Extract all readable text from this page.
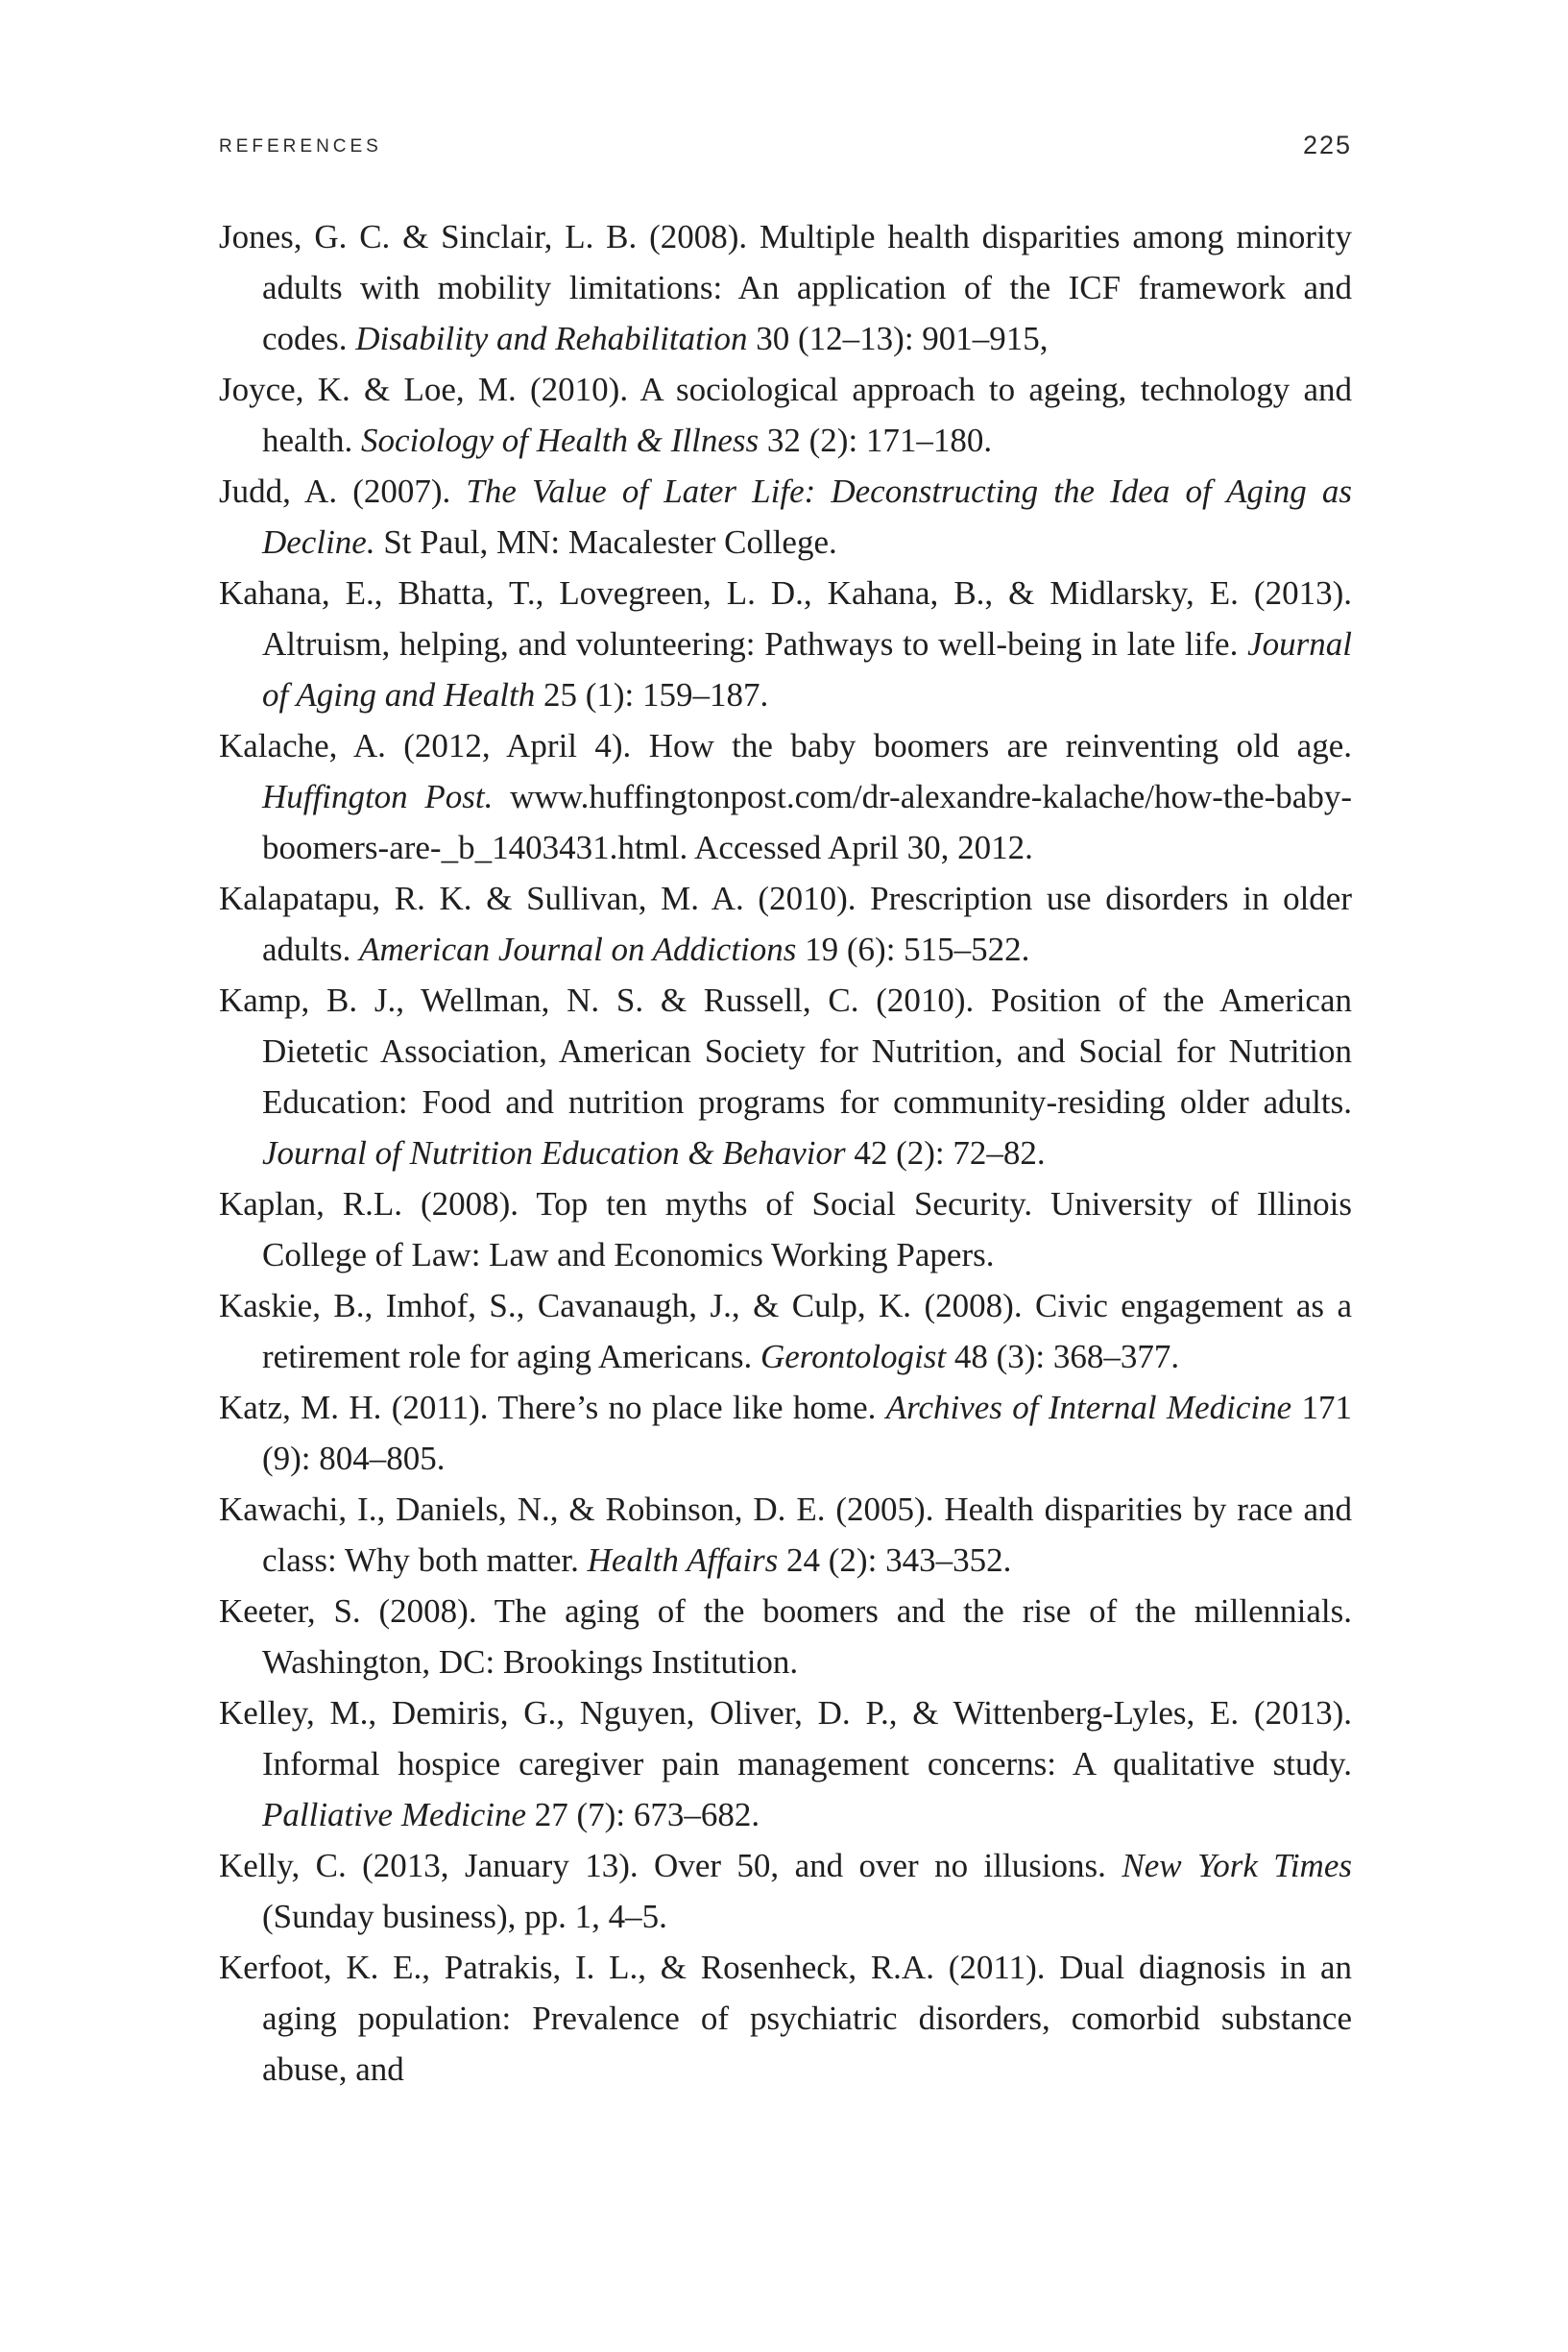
REFERENCES	225

Jones, G. C. & Sinclair, L. B. (2008). Multiple health disparities among minority adults with mobility limitations: An application of the ICF framework and codes. Disability and Rehabilitation 30 (12–13): 901–915,

Joyce, K. & Loe, M. (2010). A sociological approach to ageing, technology and health. Sociology of Health & Illness 32 (2): 171–180.

Judd, A. (2007). The Value of Later Life: Deconstructing the Idea of Aging as Decline. St Paul, MN: Macalester College.

Kahana, E., Bhatta, T., Lovegreen, L. D., Kahana, B., & Midlarsky, E. (2013). Altruism, helping, and volunteering: Pathways to well-being in late life. Journal of Aging and Health 25 (1): 159–187.

Kalache, A. (2012, April 4). How the baby boomers are reinventing old age. Huffington Post. www.huffingtonpost.com/dr-alexandre-kalache/how-the-baby-boomers-are-_b_1403431.html. Accessed April 30, 2012.

Kalapatapu, R. K. & Sullivan, M. A. (2010). Prescription use disorders in older adults. American Journal on Addictions 19 (6): 515–522.

Kamp, B. J., Wellman, N. S. & Russell, C. (2010). Position of the American Dietetic Association, American Society for Nutrition, and Social for Nutrition Education: Food and nutrition programs for community-residing older adults. Journal of Nutrition Education & Behavior 42 (2): 72–82.

Kaplan, R.L. (2008). Top ten myths of Social Security. University of Illinois College of Law: Law and Economics Working Papers.

Kaskie, B., Imhof, S., Cavanaugh, J., & Culp, K. (2008). Civic engagement as a retirement role for aging Americans. Gerontologist 48 (3): 368–377.

Katz, M. H. (2011). There’s no place like home. Archives of Internal Medicine 171 (9): 804–805.

Kawachi, I., Daniels, N., & Robinson, D. E. (2005). Health disparities by race and class: Why both matter. Health Affairs 24 (2): 343–352.

Keeter, S. (2008). The aging of the boomers and the rise of the millennials. Washington, DC: Brookings Institution.

Kelley, M., Demiris, G., Nguyen, Oliver, D. P., & Wittenberg-Lyles, E. (2013). Informal hospice caregiver pain management concerns: A qualitative study. Palliative Medicine 27 (7): 673–682.

Kelly, C. (2013, January 13). Over 50, and over no illusions. New York Times (Sunday business), pp. 1, 4–5.

Kerfoot, K. E., Patrakis, I. L., & Rosenheck, R.A. (2011). Dual diagnosis in an aging population: Prevalence of psychiatric disorders, comorbid substance abuse, and
